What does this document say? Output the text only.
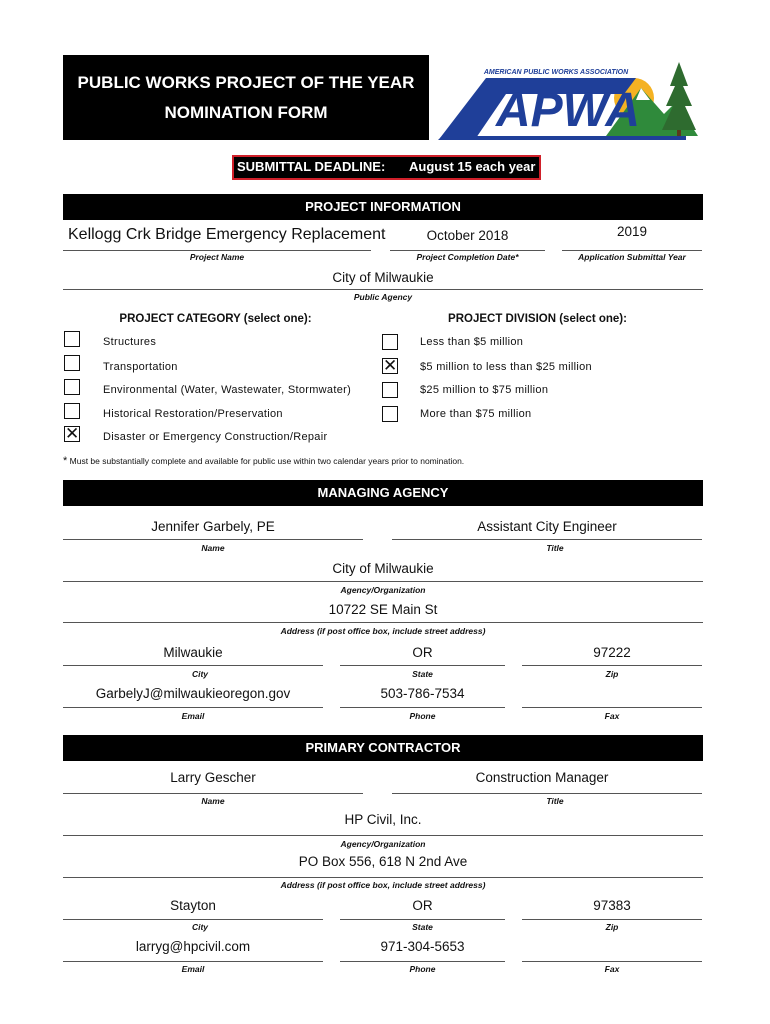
PUBLIC WORKS PROJECT OF THE YEAR
NOMINATION FORM	APWA
AMERICAN PUBLIC WORKS ASSOCIATION
SUBMITTAL DEADLINE: August 15 each year
PROJECT INFORMATION
Kellogg Crk Bridge Emergency Replacement
Project Name
October 2018
Project Completion Date*
2019
Application Submittal Year
City of Milwaukie
Public Agency
PROJECT CATEGORY (select one):	PROJECT DIVISION (select one):
Structures
Transportation
Environmental (Water, Wastewater, Stormwater)
Historical Restoration/Preservation
✕ Disaster or Emergency Construction/Repair
Less than $5 million
✕ $5 million to less than $25 million
$25 million to $75 million
More than $75 million
* Must be substantially complete and available for public use within two calendar years prior to nomination.
MANAGING AGENCY
Jennifer Garbely, PE
Name
Assistant City Engineer
Title
City of Milwaukie
Agency/Organization
10722 SE Main St
Address (if post office box, include street address)
Milwaukie
City
OR
State
97222
Zip
GarbelyJ@milwaukieoregon.gov
Email
503-786-7534
Phone	Fax
PRIMARY CONTRACTOR
Larry Gescher
Name
Construction Manager
Title
HP Civil, Inc.
Agency/Organization
PO Box 556, 618 N 2nd Ave
Address (if post office box, include street address)
Stayton
City
OR
State
97383
Zip
larryg@hpcivil.com
Email
971-304-5653
Phone	Fax
